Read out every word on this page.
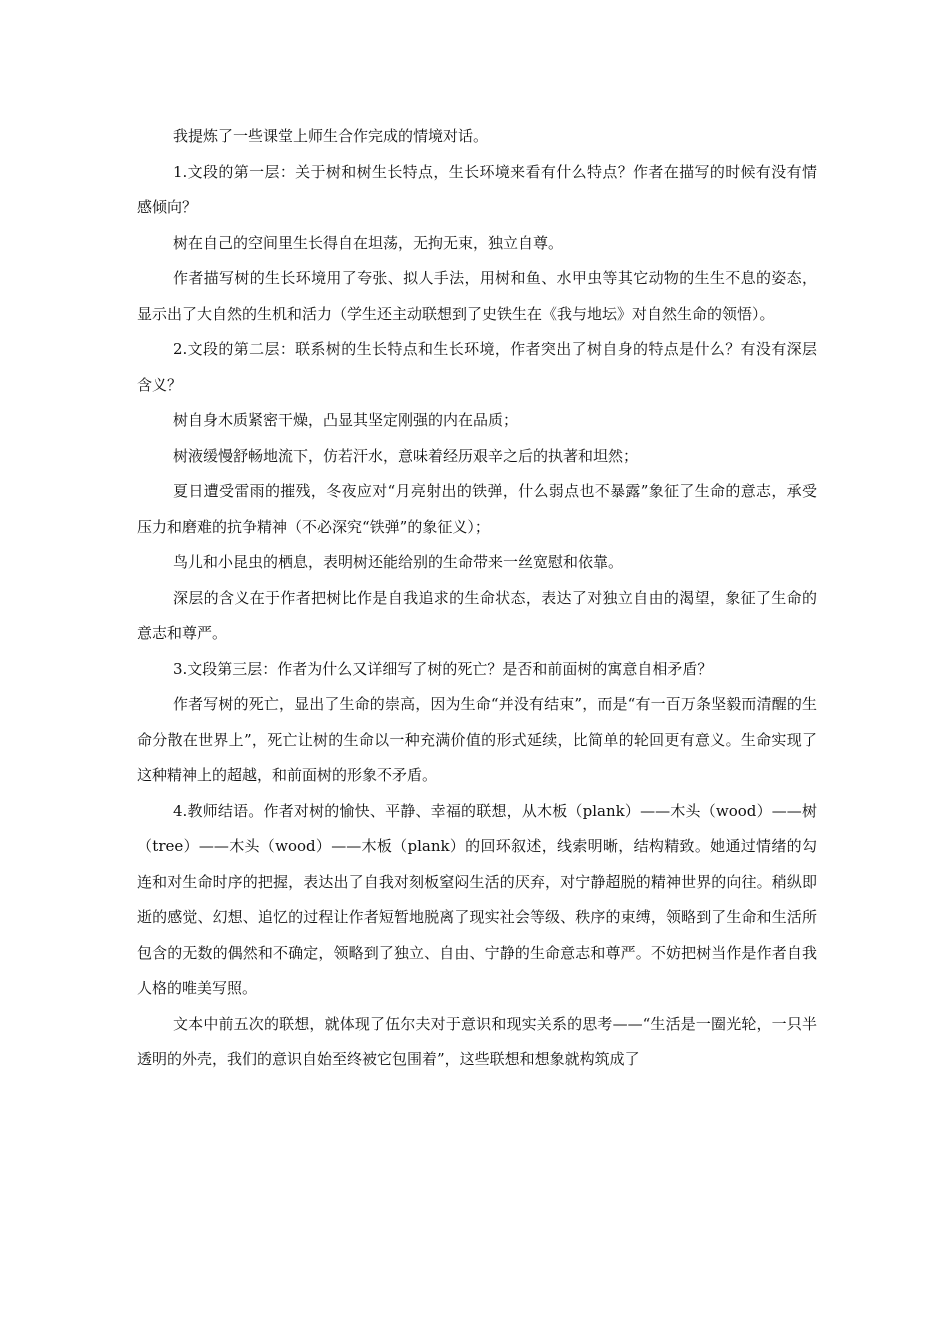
我提炼了一些课堂上师生合作完成的情境对话。

1.文段的第一层：关于树和树生长特点，生长环境来看有什么特点？作者在描写的时候有没有情感倾向？

树在自己的空间里生长得自在坦荡，无拘无束，独立自尊。

作者描写树的生长环境用了夸张、拟人手法，用树和鱼、水甲虫等其它动物的生生不息的姿态，显示出了大自然的生机和活力（学生还主动联想到了史铁生在《我与地坛》对自然生命的领悟）。

2.文段的第二层：联系树的生长特点和生长环境，作者突出了树自身的特点是什么？有没有深层含义？

树自身木质紧密干燥，凸显其坚定刚强的内在品质；

树液缓慢舒畅地流下，仿若汗水，意味着经历艰辛之后的执著和坦然；

夏日遭受雷雨的摧残，冬夜应对“月亮射出的铁弹，什么弱点也不暴露”象征了生命的意志，承受压力和磨难的抗争精神（不必深究“铁弹”的象征义）；

鸟儿和小昆虫的栖息，表明树还能给别的生命带来一丝宽慰和依靠。

深层的含义在于作者把树比作是自我追求的生命状态，表达了对独立自由的渴望，象征了生命的意志和尊严。

3.文段第三层：作者为什么又详细写了树的死亡？是否和前面树的寓意自相矛盾？

作者写树的死亡，显出了生命的崇高，因为生命“并没有结束”，而是“有一百万条坚毅而清醒的生命分散在世界上”，死亡让树的生命以一种充满价值的形式延续，比简单的轮回更有意义。生命实现了这种精神上的超越，和前面树的形象不矛盾。

4.教师结语。作者对树的愉快、平静、幸福的联想，从木板（plank）——木头（wood）——树（tree）——木头（wood）——木板（plank）的回环叙述，线索明晰，结构精致。她通过情绪的勾连和对生命时序的把握，表达出了自我对刻板窒闷生活的厌弃，对宁静超脱的精神世界的向往。稍纵即逝的感觉、幻想、追忆的过程让作者短暂地脱离了现实社会等级、秩序的束缚，领略到了生命和生活所包含的无数的偶然和不确定，领略到了独立、自由、宁静的生命意志和尊严。不妨把树当作是作者自我人格的唯美写照。

文本中前五次的联想，就体现了伍尔夫对于意识和现实关系的思考——“生活是一圈光轮，一只半透明的外壳，我们的意识自始至终被它包围着”，这些联想和想象就构筑成了
